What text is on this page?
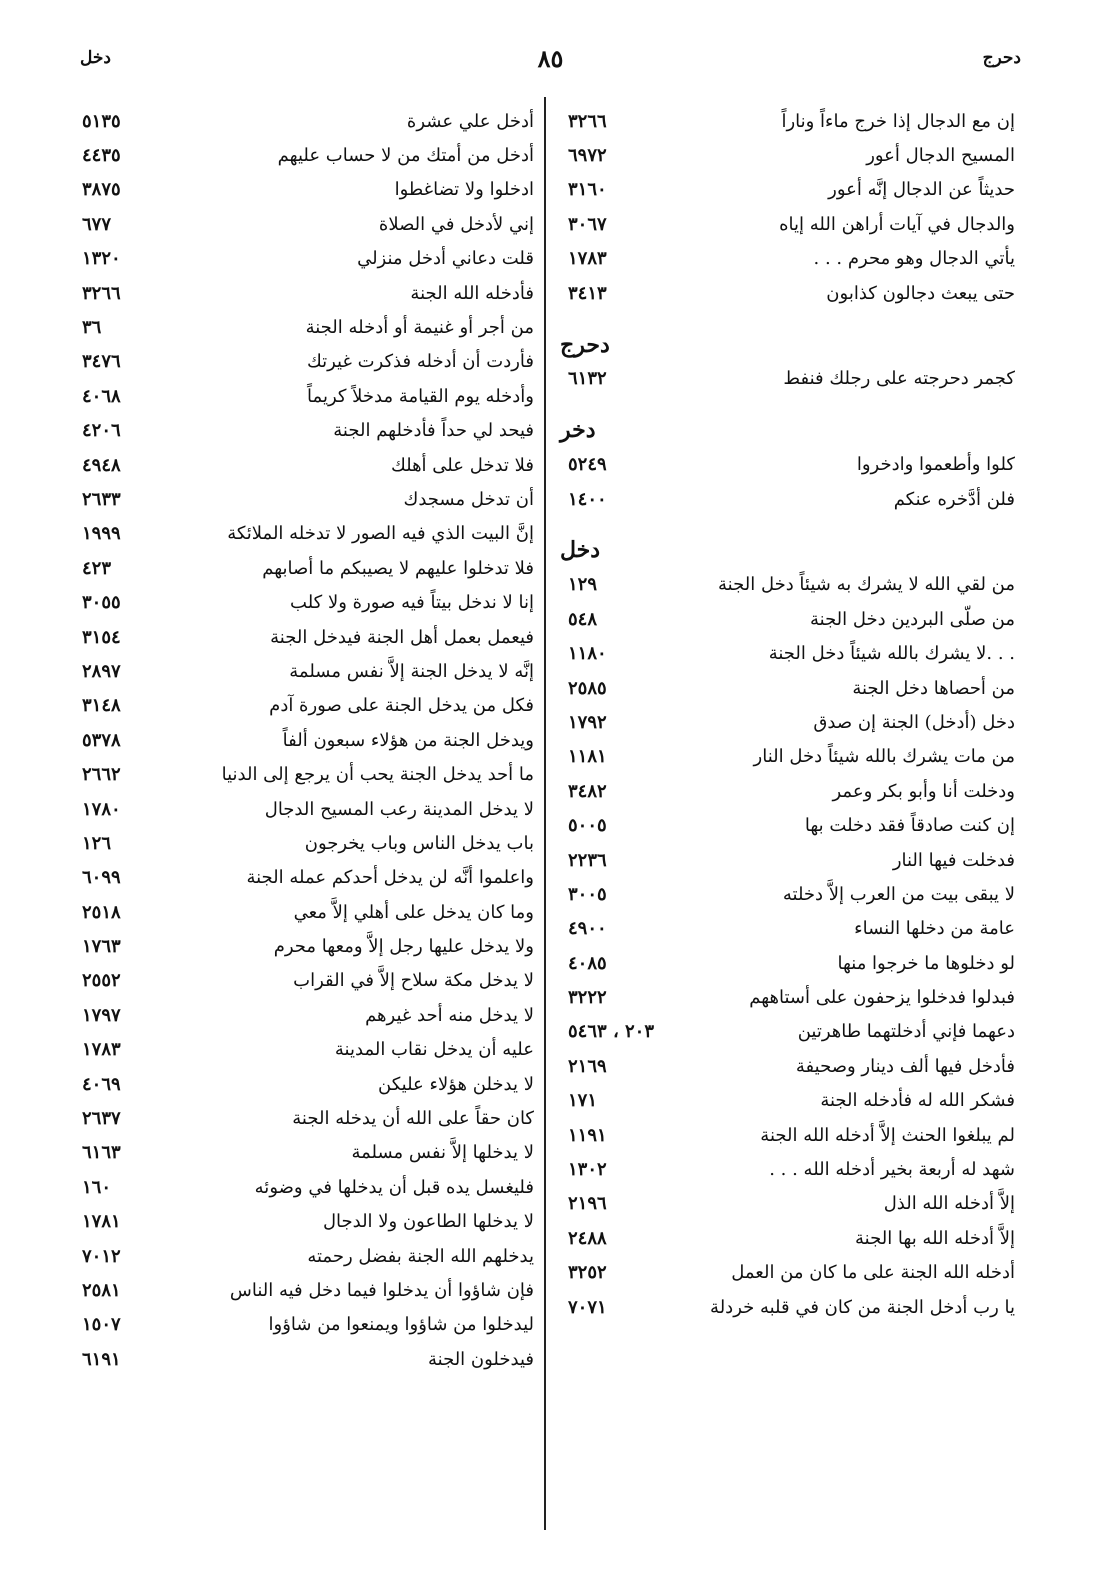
دحرج
٨٥
دخل
إن مع الدجال إذا خرج ماءاً وناراً
٣٢٦٦
المسيح الدجال أعور
٦٩٧٢
حديثاً عن الدجال إنَّه أعور
٣١٦٠
والدجال في آيات أراهن الله إياه
٣٠٦٧
يأتي الدجال وهو محرم . . .
١٧٨٣
حتى يبعث دجالون كذابون
٣٤١٣
دحرج
كجمر دحرجته على رجلك فنفط
٦١٣٢
دخر
كلوا وأطعموا وادخروا
٥٢٤٩
فلن أدَّخره عنكم
١٤٠٠
دخل
من لقي الله لا يشرك به شيئاً دخل الجنة
١٢٩
من صلّى البردين دخل الجنة
٥٤٨
. . .لا يشرك بالله شيئاً دخل الجنة
١١٨٠
من أحصاها دخل الجنة
٢٥٨٥
دخل (أدخل) الجنة إن صدق
١٧٩٢
من مات يشرك بالله شيئاً دخل النار
١١٨١
ودخلت أنا وأبو بكر وعمر
٣٤٨٢
إن كنت صادقاً فقد دخلت بها
٥٠٠٥
فدخلت فيها النار
٢٢٣٦
لا يبقى بيت من العرب إلاَّ دخلته
٣٠٠٥
عامة من دخلها النساء
٤٩٠٠
لو دخلوها ما خرجوا منها
٤٠٨٥
فبدلوا فدخلوا يزحفون على أستاههم
٣٢٢٢
دعهما فإني أدخلتهما طاهرتين
٢٠٣ ، ٥٤٦٣
فأدخل فيها ألف دينار وصحيفة
٢١٦٩
فشكر الله له فأدخله الجنة
١٧١
لم يبلغوا الحنث إلاَّ أدخله الله الجنة
١١٩١
شهد له أربعة بخير أدخله الله . . .
١٣٠٢
إلاَّ أدخله الله الذل
٢١٩٦
إلاَّ أدخله الله بها الجنة
٢٤٨٨
أدخله الله الجنة على ما كان من العمل
٣٢٥٢
يا رب أدخل الجنة من كان في قلبه خردلة
٧٠٧١
أدخل علي عشرة
٥١٣٥
أدخل من أمتك من لا حساب عليهم
٤٤٣٥
ادخلوا ولا تضاغطوا
٣٨٧٥
إني لأدخل في الصلاة
٦٧٧
قلت دعاني أدخل منزلي
١٣٢٠
فأدخله الله الجنة
٣٢٦٦
من أجر أو غنيمة أو أدخله الجنة
٣٦
فأردت أن أدخله فذكرت غيرتك
٣٤٧٦
وأدخله يوم القيامة مدخلاً كريماً
٤٠٦٨
فيحد لي حداً فأدخلهم الجنة
٤٢٠٦
فلا تدخل على أهلك
٤٩٤٨
أن تدخل مسجدك
٢٦٣٣
إنَّ البيت الذي فيه الصور لا تدخله الملائكة
١٩٩٩
فلا تدخلوا عليهم لا يصيبكم ما أصابهم
٤٢٣
إنا لا ندخل بيتاً فيه صورة ولا كلب
٣٠٥٥
فيعمل بعمل أهل الجنة فيدخل الجنة
٣١٥٤
إنَّه لا يدخل الجنة إلاَّ نفس مسلمة
٢٨٩٧
فكل من يدخل الجنة على صورة آدم
٣١٤٨
ويدخل الجنة من هؤلاء سبعون ألفاً
٥٣٧٨
ما أحد يدخل الجنة يحب أن يرجع إلى الدنيا
٢٦٦٢
لا يدخل المدينة رعب المسيح الدجال
١٧٨٠
باب يدخل الناس وباب يخرجون
١٢٦
واعلموا أنَّه لن يدخل أحدكم عمله الجنة
٦٠٩٩
وما كان يدخل على أهلي إلاَّ معي
٢٥١٨
ولا يدخل عليها رجل إلاَّ ومعها محرم
١٧٦٣
لا يدخل مكة سلاح إلاَّ في القراب
٢٥٥٢
لا يدخل منه أحد غيرهم
١٧٩٧
عليه أن يدخل نقاب المدينة
١٧٨٣
لا يدخلن هؤلاء عليكن
٤٠٦٩
كان حقاً على الله أن يدخله الجنة
٢٦٣٧
لا يدخلها إلاَّ نفس مسلمة
٦١٦٣
فليغسل يده قبل أن يدخلها في وضوئه
١٦٠
لا يدخلها الطاعون ولا الدجال
١٧٨١
يدخلهم الله الجنة بفضل رحمته
٧٠١٢
فإن شاؤوا أن يدخلوا فيما دخل فيه الناس
٢٥٨١
ليدخلوا من شاؤوا ويمنعوا من شاؤوا
١٥٠٧
فيدخلون الجنة
٦١٩١
